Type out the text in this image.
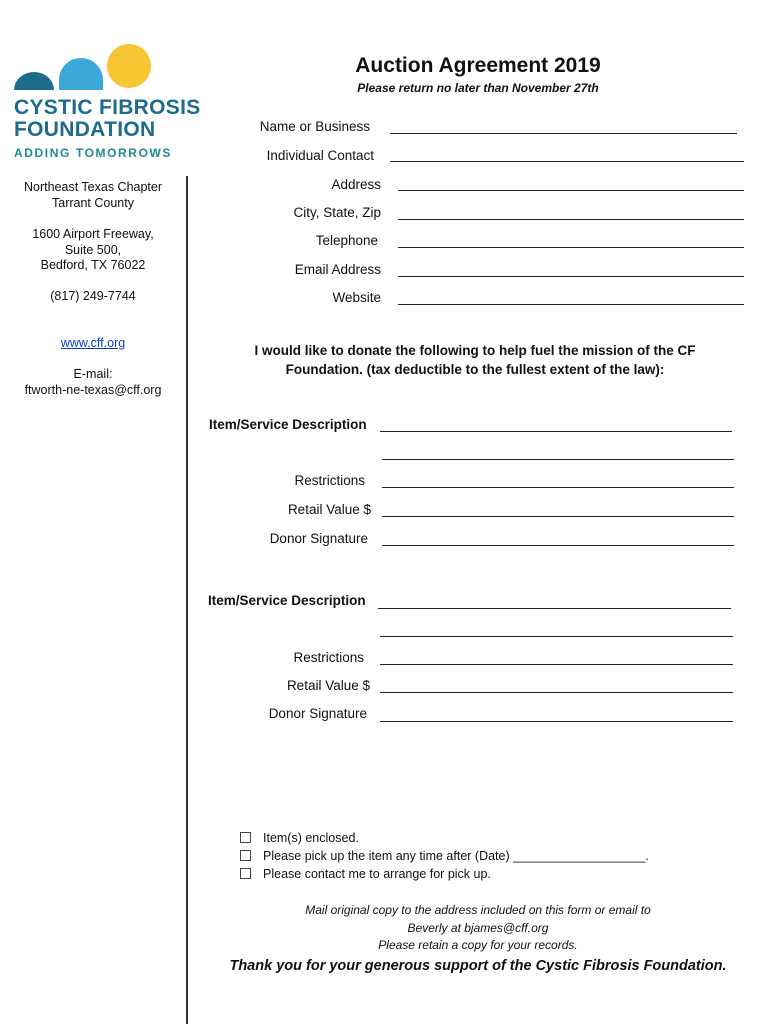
CYSTIC FIBROSIS
FOUNDATION
ADDING TOMORROWS
Northeast Texas Chapter
Tarrant County
1600 Airport Freeway,
Suite 500,
Bedford, TX 76022
(817) 249-7744
www.cff.org
E-mail:
ftworth-ne-texas@cff.org
Auction Agreement 2019
Please return no later than November 27th
Name or Business
Individual Contact
Address
City, State, Zip
Telephone
Email Address
Website
I would like to donate the following to help fuel the mission of the CF
Foundation. (tax deductible to the fullest extent of the law):
Item/Service Description
Restrictions
Retail Value $
Donor Signature
Item/Service Description
Restrictions
Retail Value $
Donor Signature
Item(s) enclosed.
Please pick up the item any time after (Date) ___________________.
Please contact me to arrange for pick up.
Mail original copy to the address included on this form or email to
Beverly at bjames@cff.org
Please retain a copy for your records.
Thank you for your generous support of the Cystic Fibrosis Foundation.
